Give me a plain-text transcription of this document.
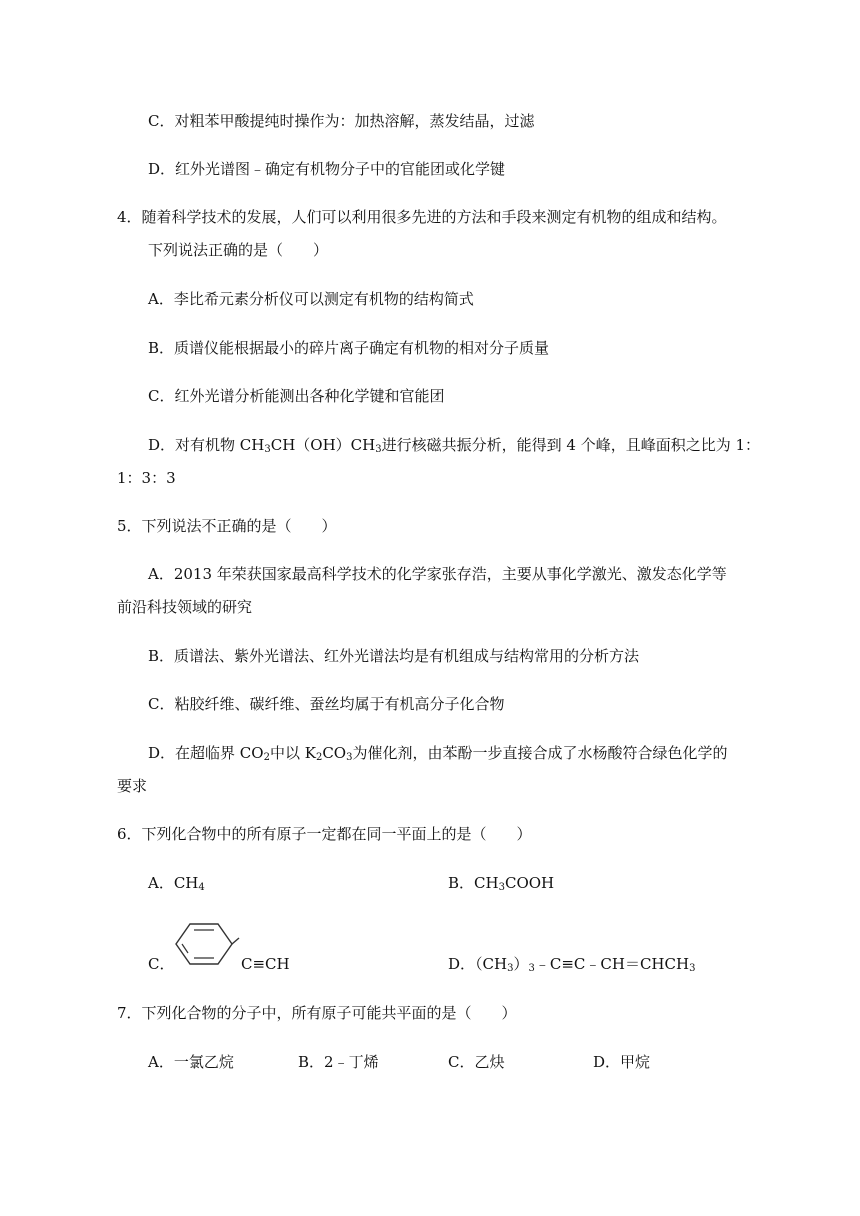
C．对粗苯甲酸提纯时操作为：加热溶解，蒸发结晶，过滤
D．红外光谱图﹣确定有机物分子中的官能团或化学键
4．随着科学技术的发展，人们可以利用很多先进的方法和手段来测定有机物的组成和结构。
下列说法正确的是（　　）
A．李比希元素分析仪可以测定有机物的结构简式
B．质谱仪能根据最小的碎片离子确定有机物的相对分子质量
C．红外光谱分析能测出各种化学键和官能团
D．对有机物 $CH_3CH(OH)CH_3$进行核磁共振分析，能得到 4 个峰，且峰面积之比为 1：
1：3：3
5．下列说法不正确的是（　　）
A．2013 年荣获国家最高科学技术的化学家张存浩，主要从事化学激光、激发态化学等
前沿科技领域的研究
B．质谱法、紫外光谱法、红外光谱法均是有机组成与结构常用的分析方法
C．粘胶纤维、碳纤维、蚕丝均属于有机高分子化合物
D．在超临界 $CO_2$中以 $K_2CO_3$为催化剂，由苯酚一步直接合成了水杨酸符合绿色化学的
要求
6．下列化合物中的所有原子一定都在同一平面上的是（　　）
A．$CH_4$	B．$CH_3COOH$
C．	C≡CH	D．$(CH_3)_3﹣C\equiv C﹣CH=CHCH_3$
7．下列化合物的分子中，所有原子可能共平面的是（　　）
A．一氯乙烷	B．2﹣丁烯	C．乙炔	D．甲烷
